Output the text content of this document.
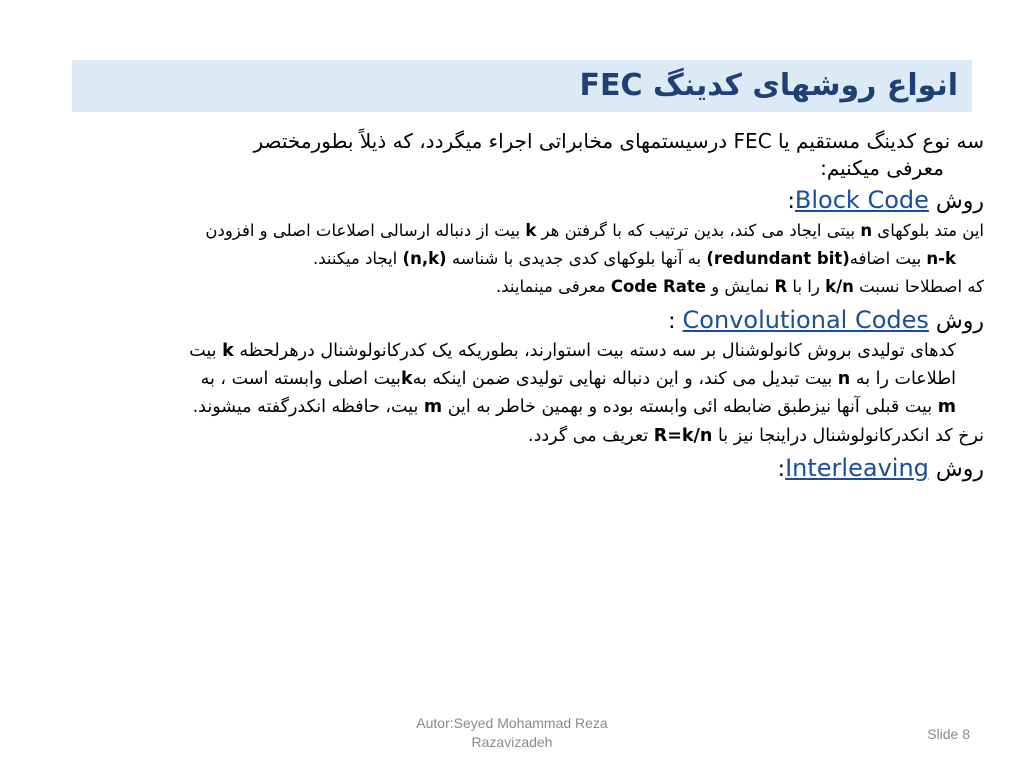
انواع روشهای کدینگ FEC
سه نوع کدینگ مستقیم یا FEC درسیستمهای مخابراتی اجراء میگردد، که ذیلاً بطورمختصر
معرفی میکنیم:
روش Block Code:
این متد بلوکهای n بیتی ایجاد می کند، بدین ترتیب که با گرفتن هر k بیت از دنباله ارسالی اصلاعات اصلی و افزودن
n-k بیت اضافه(redundant bit) به آنها بلوکهای کدی جدیدی با شناسه (n,k) ایجاد میکنند.
که اصطلاحا نسبت k/n را با R نمایش و Code Rate معرفی مینمایند.
روش Convolutional Codes :
کدهای تولیدی بروش کانولوشنال بر سه دسته بیت استوارند، بطوریکه یک کدرکانولوشنال درهرلحظه k بیت
اطلاعات را به n بیت تبدیل می کند، و این دنباله نهایی تولیدی ضمن اینکه بهkبیت اصلی وابسته است ، به
m بیت قبلی آنها نیزطبق ضابطه ائی وابسته بوده و بهمین خاطر به این m بیت، حافظه انکدرگفته میشوند.
نرخ کد انکدرکانولوشنال دراینجا نیز با R=k/n تعریف می گردد.
روش Interleaving:
Autor:Seyed Mohammad Reza
Razavizadeh	Slide 8
